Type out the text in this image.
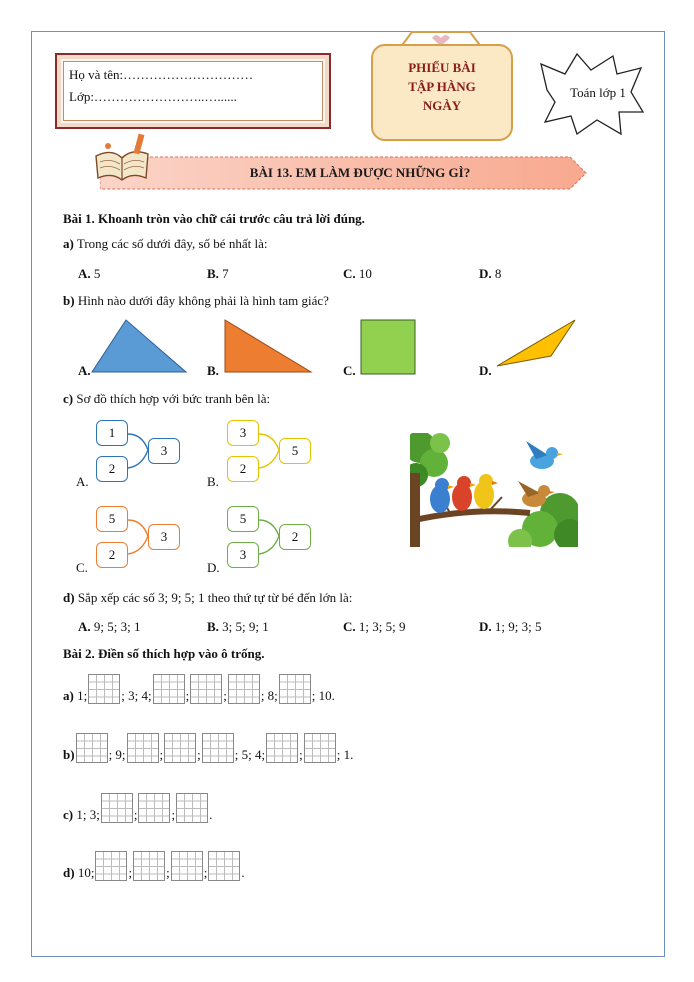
Họ và tên:…………………………
Lớp:……………………..…......
PHIẾU BÀI
TẬP HÀNG
NGÀY
Toán lớp 1
BÀI 13. EM LÀM ĐƯỢC NHỮNG GÌ?
Bài 1. Khoanh tròn vào chữ cái trước câu trả lời đúng.
a) Trong các số dưới đây, số bé nhất là:
A. 5	B. 7	C. 10	D. 8
b) Hình nào dưới đây không phải là hình tam giác?
A.	B.	C.	D.
c) Sơ đồ thích hợp với bức tranh bên là:
A.
1
2
3
B.
3
2
5
C.
5
2
3
D.
5
3
2
d) Sắp xếp các số 3; 9; 5; 1 theo thứ tự từ bé đến lớn là:
A. 9; 5; 3; 1	B. 3; 5; 9; 1	C. 1; 3; 5; 9	D. 1; 9; 3; 5
Bài 2. Điền số thích hợp vào ô trống.
a) 1;	; 3; 4;	;	;	; 8;	; 10.
b)	; 9;	;	;	; 5; 4;	;	; 1.
c) 1; 3;	;	;	.
d) 10;	;	;	;	.
